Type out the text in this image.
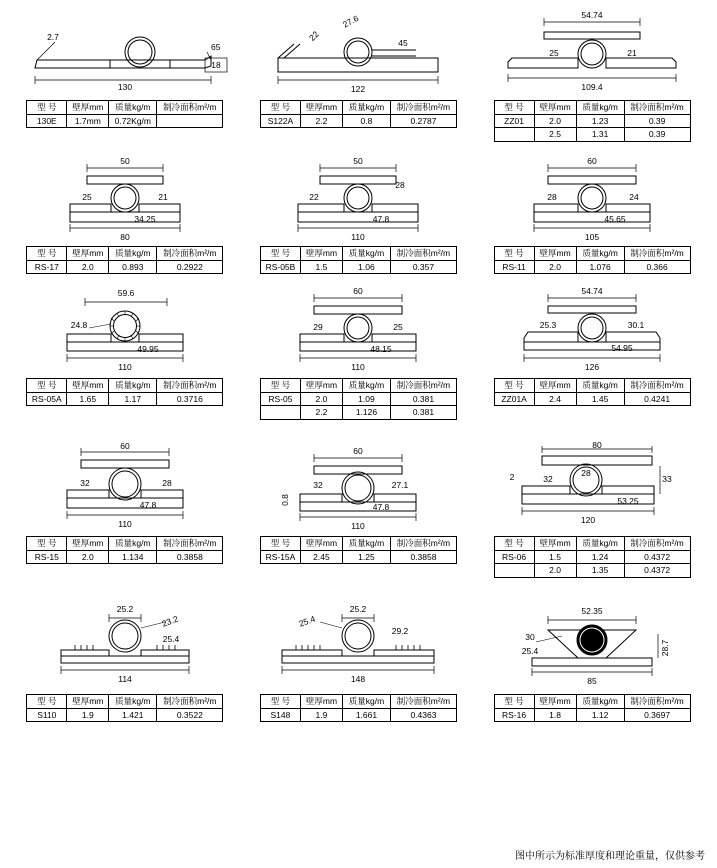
2.7
65
18
130
型 号	壁厚mm	质量kg/m	制冷面积m²/m
130E	1.7mm	0.72Kg/m	
27.6
22
45
122
型 号	壁厚mm	质量kg/m	制冷面积m²/m
S122A	2.2	0.8	0.2787
54.74
25	21
109.4
型 号	壁厚mm	质量kg/m	制冷面积m²/m
ZZ01	2.0	1.23	0.39
	2.5	1.31	0.39
50
25	21
34.25
80
型 号	壁厚mm	质量kg/m	制冷面积m²/m
RS-17	2.0	0.893	0.2922
50
22
28
47.8
110
型 号	壁厚mm	质量kg/m	制冷面积m²/m
RS-05B	1.5	1.06	0.357
60
28	24
45.65
105
型 号	壁厚mm	质量kg/m	制冷面积m²/m
RS-11	2.0	1.076	0.366
59.6
24.8
49.95
110
型 号	壁厚mm	质量kg/m	制冷面积m²/m
RS-05A	1.65	1.17	0.3716
60
29	25
48.15
110
型 号	壁厚mm	质量kg/m	制冷面积m²/m
RS-05	2.0	1.09	0.381
	2.2	1.126	0.381
54.74
25.3	30.1
54.95
126
型 号	壁厚mm	质量kg/m	制冷面积m²/m
ZZ01A	2.4	1.45	0.4241
60
32	28
47.8
110
型 号	壁厚mm	质量kg/m	制冷面积m²/m
RS-15	2.0	1.134	0.3858
60
32	27.1
0.8
47.8
110
型 号	壁厚mm	质量kg/m	制冷面积m²/m
RS-15A	2.45	1.25	0.3858
80
32
28
33
2
53.25
120
型 号	壁厚mm	质量kg/m	制冷面积m²/m
RS-06	1.5	1.24	0.4372
	2.0	1.35	0.4372
25.2
23.2
25.4
114
型 号	壁厚mm	质量kg/m	制冷面积m²/m
S110	1.9	1.421	0.3522
25.2
25.4
29.2
148
型 号	壁厚mm	质量kg/m	制冷面积m²/m
S148	1.9	1.661	0.4363
52.35
30
25.4	28.7
85
型 号	壁厚mm	质量kg/m	制冷面积m²/m
RS-16	1.8	1.12	0.3697
图中所示为标准厚度和理论重量，仅供参考
